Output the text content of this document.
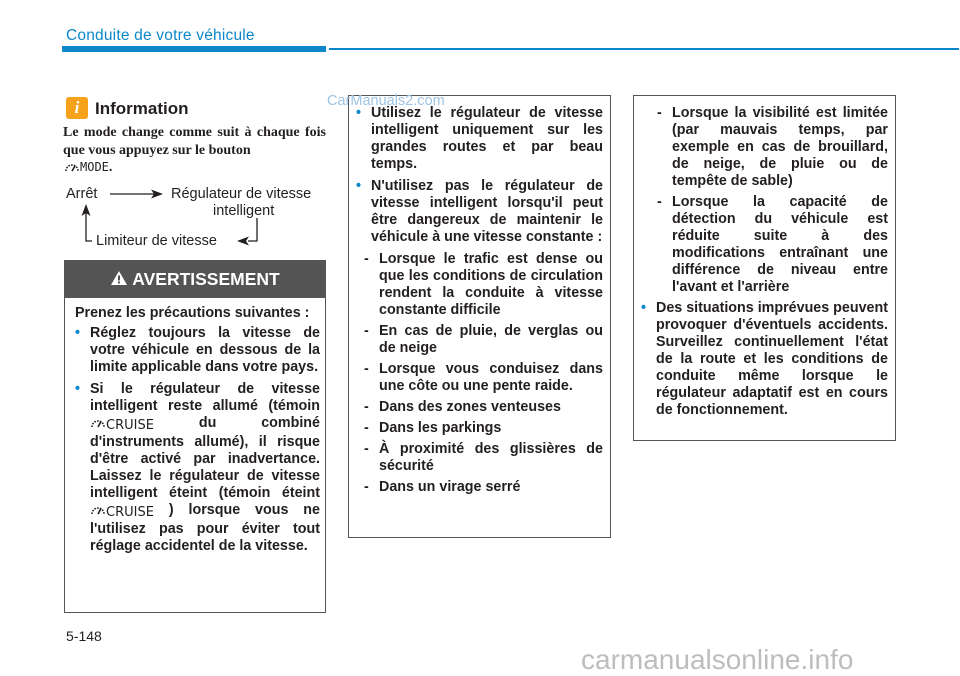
Conduite de votre véhicule
i Information
Le mode change comme suit à chaque fois que vous appuyez sur le bouton
MODE.
Arrêt	Régulateur de vitesse
intelligent
Limiteur de vitesse
AVERTISSEMENT

Prenez les précautions suivantes :

• Réglez toujours la vitesse de votre véhicule en dessous de la limite applicable dans votre pays.
• Si le régulateur de vitesse intelligent reste allumé (témoin CRUISE	du combiné d'instruments allumé), il risque d'être activé par inadvertance. Laissez le régulateur de vitesse intelligent éteint (témoin éteint CRUISE ) lorsque vous ne l'utilisez pas pour éviter tout réglage accidentel de la vitesse.
• Utilisez le régulateur de vitesse intelligent uniquement sur les grandes routes et par beau temps.
• N'utilisez pas le régulateur de vitesse intelligent lorsqu'il peut être dangereux de maintenir le véhicule à une vitesse constante :
- Lorsque le trafic est dense ou que les conditions de circulation rendent la conduite à vitesse constante difficile
- En cas de pluie, de verglas ou de neige
- Lorsque vous conduisez dans une côte ou une pente raide.
- Dans des zones venteuses
- Dans les parkings
- À proximité des glissières de sécurité
- Dans un virage serré
- Lorsque la visibilité est limitée (par mauvais temps, par exemple en cas de brouillard, de neige, de pluie ou de tempête de sable)
- Lorsque la capacité de détection du véhicule est réduite suite à des modifications entraînant une différence de niveau entre l'avant et l'arrière
• Des situations imprévues peuvent provoquer d'éventuels accidents. Surveillez continuellement l'état de la route et les conditions de conduite même lorsque le régulateur adaptatif est en cours de fonctionnement.
CarManuals2.com
5-148
carmanualsonline.info
